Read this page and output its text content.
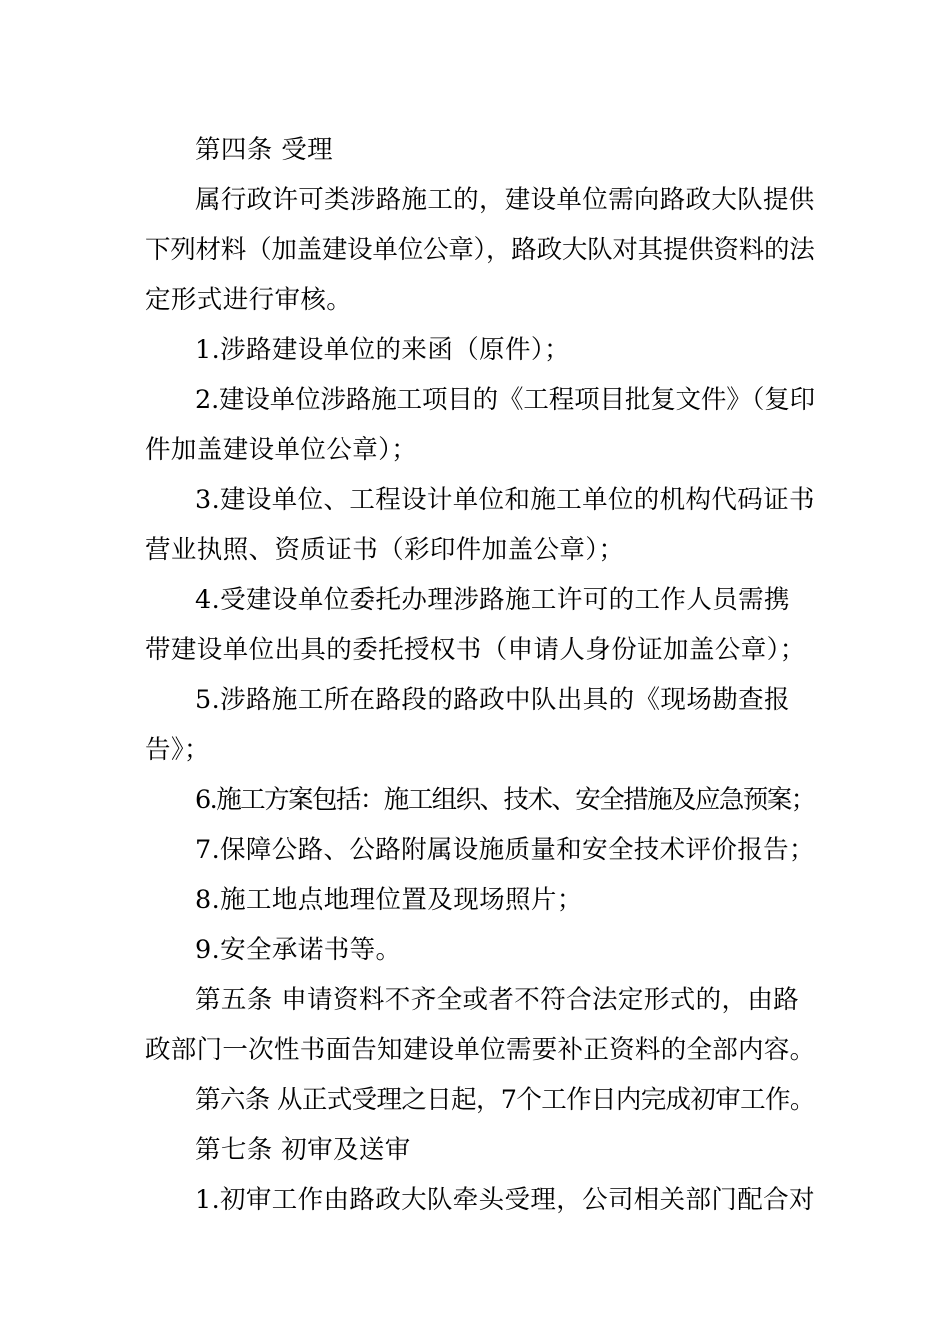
第四条 受理
属行政许可类涉路施工的，建设单位需向路政大队提供
下列材料（加盖建设单位公章），路政大队对其提供资料的法
定形式进行审核。
1.涉路建设单位的来函（原件）；
2.建设单位涉路施工项目的《工程项目批复文件》（复印
件加盖建设单位公章）；
3.建设单位、工程设计单位和施工单位的机构代码证书
营业执照、资质证书（彩印件加盖公章）；
4.受建设单位委托办理涉路施工许可的工作人员需携
带建设单位出具的委托授权书（申请人身份证加盖公章）；
5.涉路施工所在路段的路政中队出具的《现场勘查报
告》；
6.施工方案包括：施工组织、技术、安全措施及应急预案；
7.保障公路、公路附属设施质量和安全技术评价报告；
8.施工地点地理位置及现场照片；
9.安全承诺书等。
第五条 申请资料不齐全或者不符合法定形式的，由路
政部门一次性书面告知建设单位需要补正资料的全部内容。
第六条 从正式受理之日起，7个工作日内完成初审工作。
第七条 初审及送审
1.初审工作由路政大队牵头受理，公司相关部门配合对
